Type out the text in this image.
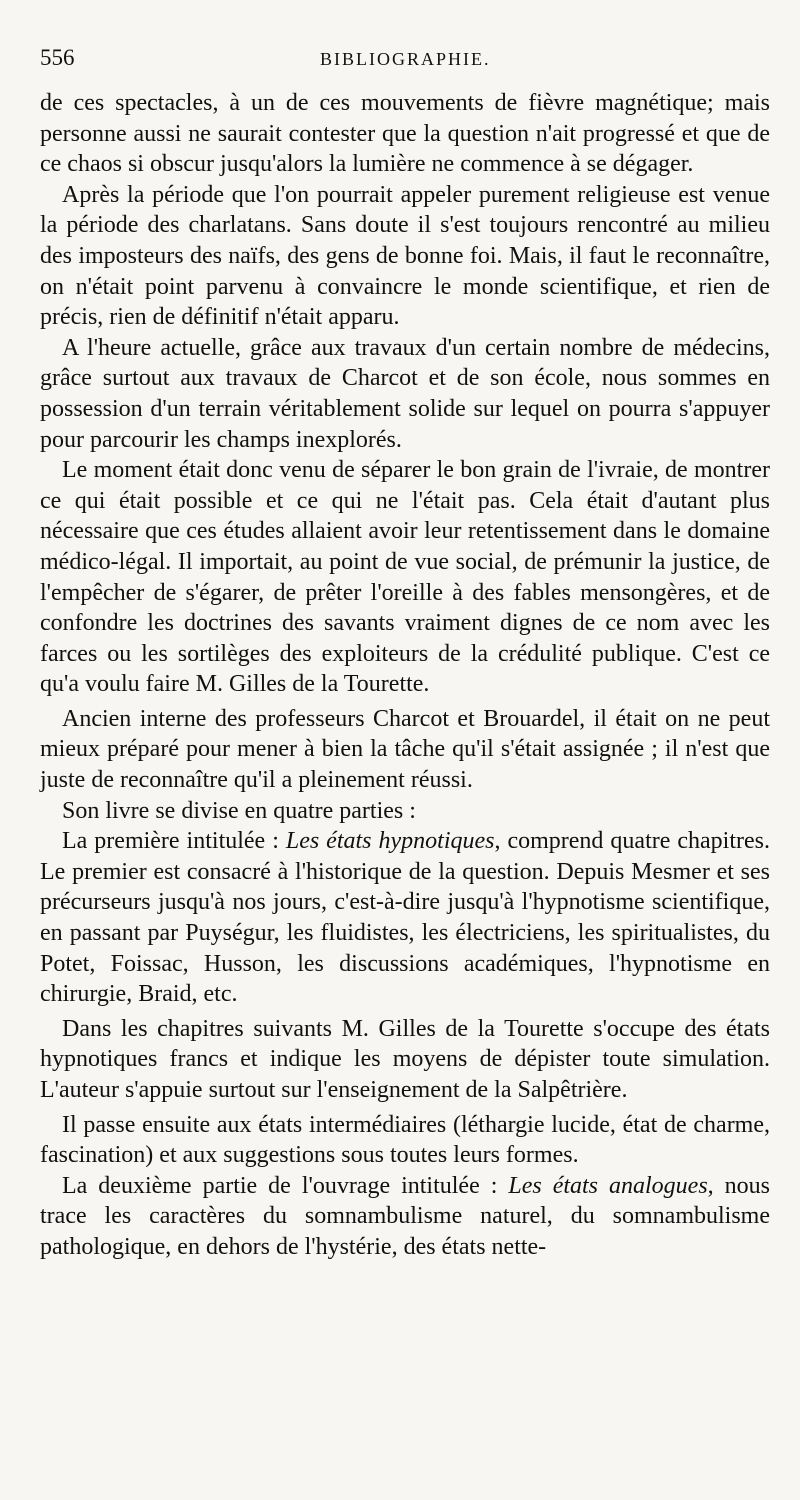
556	BIBLIOGRAPHIE.

de ces spectacles, à un de ces mouvements de fièvre magnétique; mais personne aussi ne saurait contester que la question n'ait progressé et que de ce chaos si obscur jusqu'alors la lumière ne commence à se dégager.

Après la période que l'on pourrait appeler purement religieuse est venue la période des charlatans. Sans doute il s'est toujours rencontré au milieu des imposteurs des naïfs, des gens de bonne foi. Mais, il faut le reconnaître, on n'était point parvenu à convaincre le monde scientifique, et rien de précis, rien de définitif n'était apparu.

A l'heure actuelle, grâce aux travaux d'un certain nombre de médecins, grâce surtout aux travaux de Charcot et de son école, nous sommes en possession d'un terrain véritablement solide sur lequel on pourra s'appuyer pour parcourir les champs inexplorés.

Le moment était donc venu de séparer le bon grain de l'ivraie, de montrer ce qui était possible et ce qui ne l'était pas. Cela était d'autant plus nécessaire que ces études allaient avoir leur retentissement dans le domaine médico-légal. Il importait, au point de vue social, de prémunir la justice, de l'empêcher de s'égarer, de prêter l'oreille à des fables mensongères, et de confondre les doctrines des savants vraiment dignes de ce nom avec les farces ou les sortilèges des exploiteurs de la crédulité publique. C'est ce qu'a voulu faire M. Gilles de la Tourette.

Ancien interne des professeurs Charcot et Brouardel, il était on ne peut mieux préparé pour mener à bien la tâche qu'il s'était assignée ; il n'est que juste de reconnaître qu'il a pleinement réussi.

Son livre se divise en quatre parties :

La première intitulée : Les états hypnotiques, comprend quatre chapitres. Le premier est consacré à l'historique de la question. Depuis Mesmer et ses précurseurs jusqu'à nos jours, c'est-à-dire jusqu'à l'hypnotisme scientifique, en passant par Puységur, les fluidistes, les électriciens, les spiritualistes, du Potet, Foissac, Husson, les discussions académiques, l'hypnotisme en chirurgie, Braid, etc.

Dans les chapitres suivants M. Gilles de la Tourette s'occupe des états hypnotiques francs et indique les moyens de dépister toute simulation. L'auteur s'appuie surtout sur l'enseignement de la Salpêtrière.

Il passe ensuite aux états intermédiaires (léthargie lucide, état de charme, fascination) et aux suggestions sous toutes leurs formes.

La deuxième partie de l'ouvrage intitulée : Les états analogues, nous trace les caractères du somnambulisme naturel, du somnambulisme pathologique, en dehors de l'hystérie, des états nette-
